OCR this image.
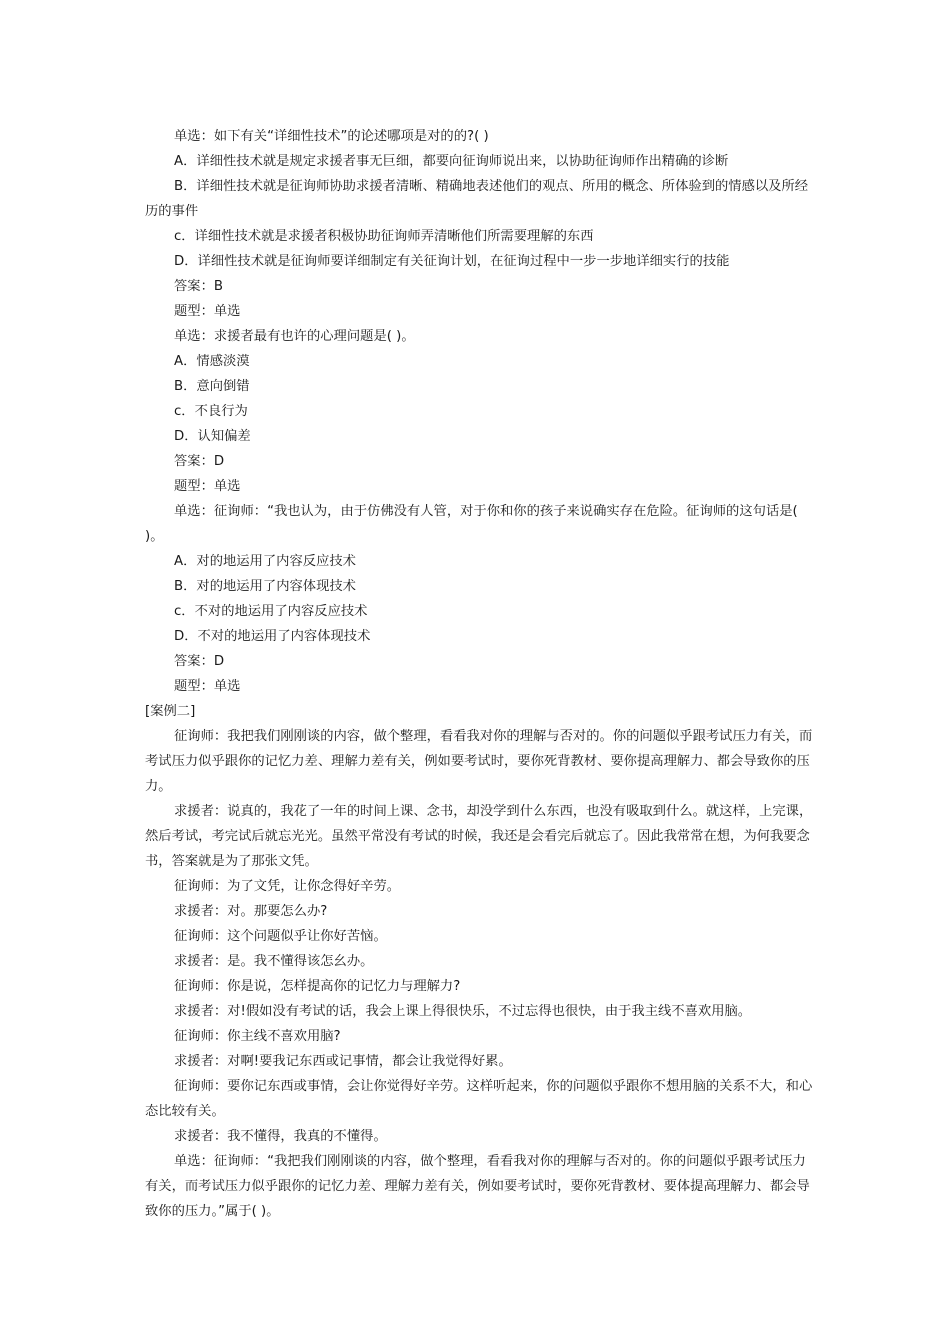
单选：如下有关“详细性技术”的论述哪项是对的的?( )

A．详细性技术就是规定求援者事无巨细，都要向征询师说出来，以协助征询师作出精确的诊断

B．详细性技术就是征询师协助求援者清晰、精确地表述他们的观点、所用的概念、所体验到的情感以及所经历的事件

c．详细性技术就是求援者积极协助征询师弄清晰他们所需要理解的东西

D．详细性技术就是征询师要详细制定有关征询计划，在征询过程中一步一步地详细实行的技能

答案：B

题型：单选

单选：求援者最有也许的心理问题是( )。

A．情感淡漠

B．意向倒错

c．不良行为

D．认知偏差

答案：D

题型：单选

单选：征询师：“我也认为，由于仿佛没有人管，对于你和你的孩子来说确实存在危险。征询师的这句话是( )。

A．对的地运用了内容反应技术

B．对的地运用了内容体现技术

c．不对的地运用了内容反应技术

D．不对的地运用了内容体现技术

答案：D

题型：单选

[案例二]

征询师：我把我们刚刚谈的内容，做个整理，看看我对你的理解与否对的。你的问题似乎跟考试压力有关，而考试压力似乎跟你的记忆力差、理解力差有关，例如要考试时，要你死背教材、要你提高理解力、都会导致你的压力。

求援者：说真的，我花了一年的时间上课、念书，却没学到什么东西，也没有吸取到什么。就这样，上完课，然后考试，考完试后就忘光光。虽然平常没有考试的时候，我还是会看完后就忘了。因此我常常在想，为何我要念书，答案就是为了那张文凭。

征询师：为了文凭，让你念得好辛劳。

求援者：对。那要怎么办?

征询师：这个问题似乎让你好苦恼。

求援者：是。我不懂得该怎幺办。

征询师：你是说，怎样提高你的记忆力与理解力?

求援者：对!假如没有考试的话，我会上课上得很快乐，不过忘得也很快，由于我主线不喜欢用脑。

征询师：你主线不喜欢用脑?

求援者：对啊!要我记东西或记事情，都会让我觉得好累。

征询师：要你记东西或事情，会让你觉得好辛劳。这样听起来，你的问题似乎跟你不想用脑的关系不大，和心态比较有关。

求援者：我不懂得，我真的不懂得。

单选：征询师：“我把我们刚刚谈的内容，做个整理，看看我对你的理解与否对的。你的问题似乎跟考试压力有关，而考试压力似乎跟你的记忆力差、理解力差有关，例如要考试时，要你死背教材、要体提高理解力、都会导致你的压力。”属于( )。
